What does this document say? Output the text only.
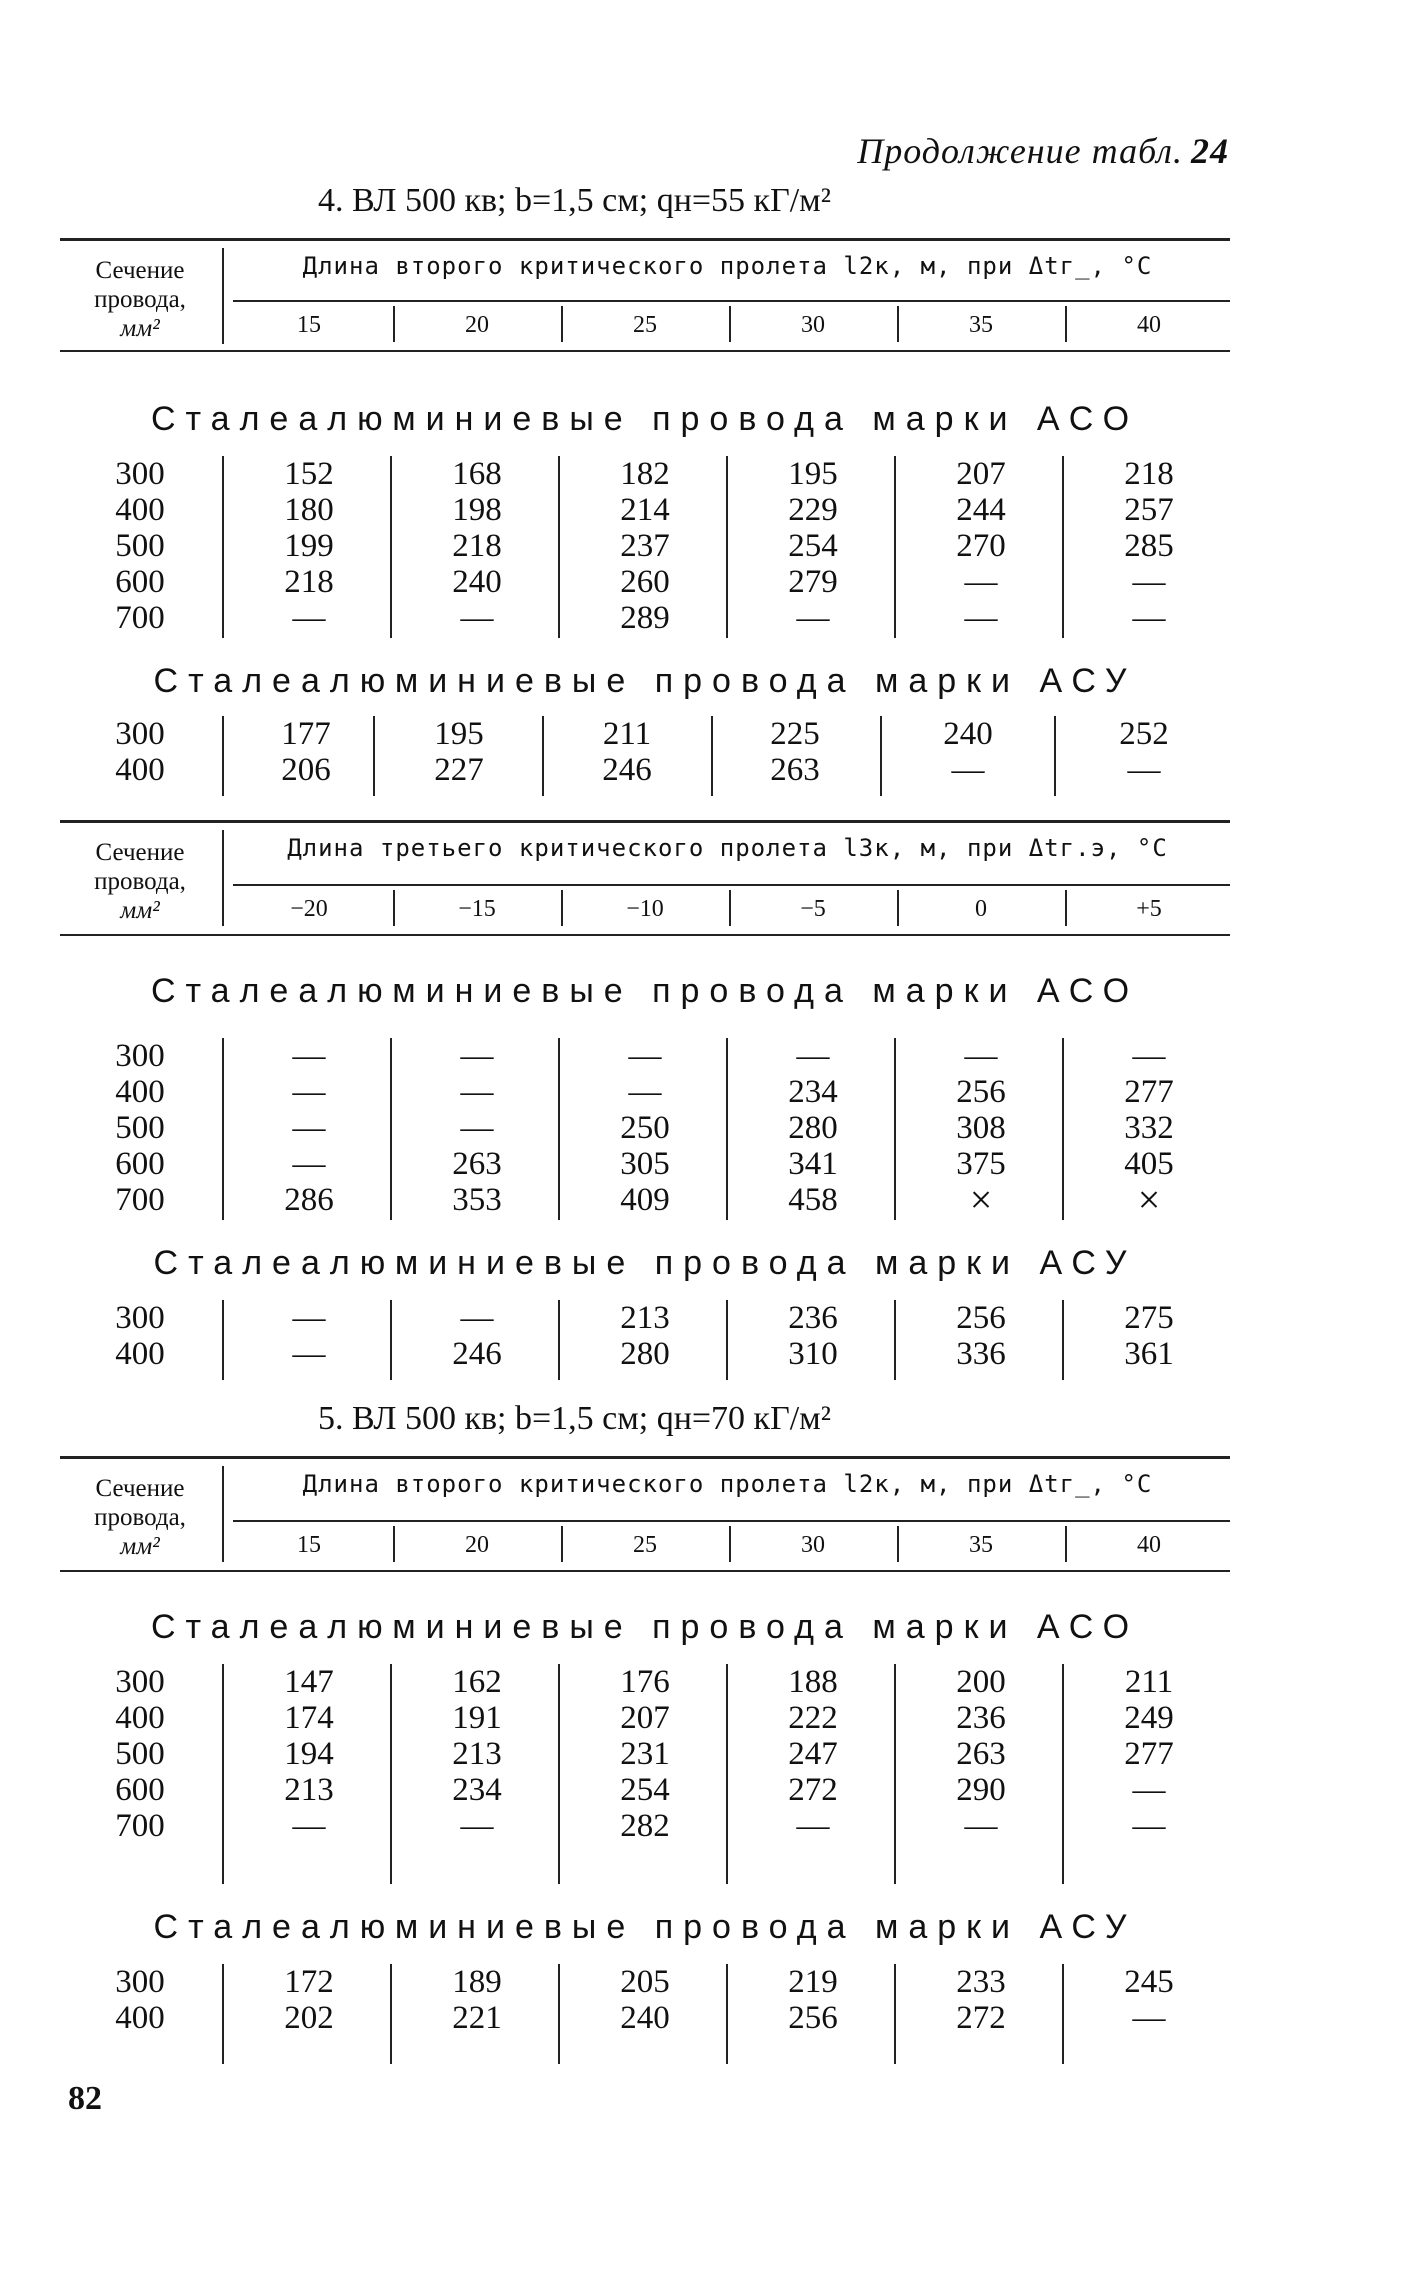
Продолжение табл. 24
4. ВЛ 500 кв; b=1,5 см; qн=55 кГ/м²
Сечение
провода,
мм²
Длина второго критического пролета l2к, м, при Δtг_, °С
15	20	25	30	35	40
Сталеалюминиевые провода марки АСО
300	152	168	182	195	207	218
400	180	198	214	229	244	257
500	199	218	237	254	270	285
600	218	240	260	279	—	—
700	—	—	289	—	—	—
Сталеалюминиевые провода марки АСУ
300	177	195	211	225	240	252
400	206	227	246	263	—	—
Сечение
провода,
мм²
Длина третьего критического пролета l3к, м, при Δtг.э, °С
−20	−15	−10	−5	0	+5
Сталеалюминиевые провода марки АСО
300	—	—	—	—	—	—
400	—	—	—	234	256	277
500	—	—	250	280	308	332
600	—	263	305	341	375	405
700	286	353	409	458	×	×
Сталеалюминиевые провода марки АСУ
300	—	—	213	236	256	275
400	—	246	280	310	336	361
5. ВЛ 500 кв; b=1,5 см; qн=70 кГ/м²
Сечение
провода,
мм²
Длина второго критического пролета l2к, м, при Δtг_, °С
15	20	25	30	35	40
Сталеалюминиевые провода марки АСО
300	147	162	176	188	200	211
400	174	191	207	222	236	249
500	194	213	231	247	263	277
600	213	234	254	272	290	—
700	—	—	282	—	—	—
Сталеалюминиевые провода марки АСУ
300	172	189	205	219	233	245
400	202	221	240	256	272	—
82
